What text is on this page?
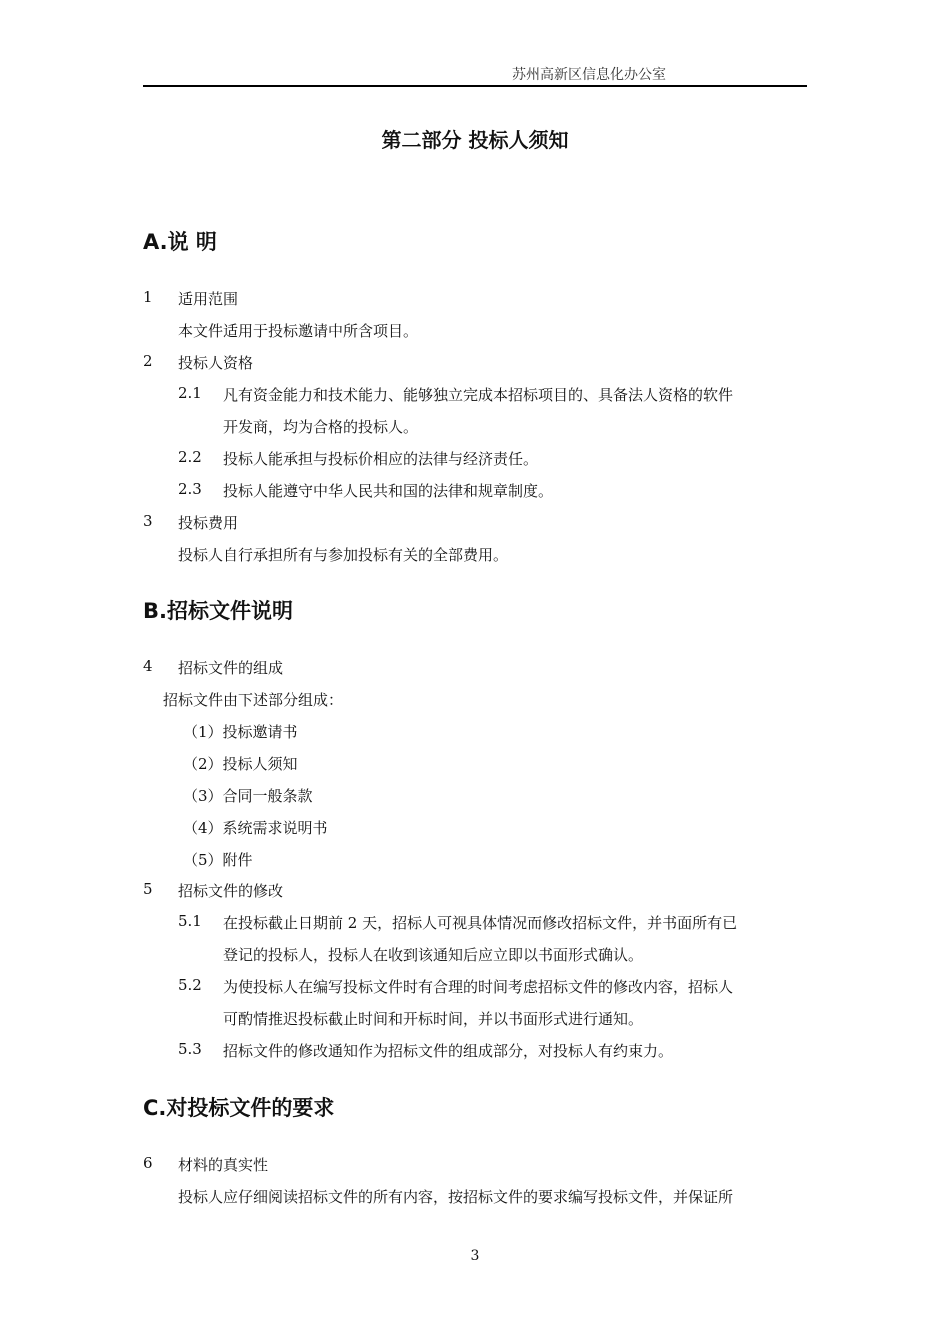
苏州高新区信息化办公室
第二部分 投标人须知
A.说 明
1 适用范围
本文件适用于投标邀请中所含项目。
2 投标人资格
2.1 凡有资金能力和技术能力、能够独立完成本招标项目的、具备法人资格的软件
开发商，均为合格的投标人。
2.2 投标人能承担与投标价相应的法律与经济责任。
2.3 投标人能遵守中华人民共和国的法律和规章制度。
3 投标费用
投标人自行承担所有与参加投标有关的全部费用。
B.招标文件说明
4 招标文件的组成
招标文件由下述部分组成：
（1）投标邀请书
（2）投标人须知
（3）合同一般条款
（4）系统需求说明书
（5）附件
5 招标文件的修改
5.1 在投标截止日期前 2 天，招标人可视具体情况而修改招标文件，并书面所有已
登记的投标人，投标人在收到该通知后应立即以书面形式确认。
5.2 为使投标人在编写投标文件时有合理的时间考虑招标文件的修改内容，招标人
可酌情推迟投标截止时间和开标时间，并以书面形式进行通知。
5.3 招标文件的修改通知作为招标文件的组成部分，对投标人有约束力。
C.对投标文件的要求
6 材料的真实性
投标人应仔细阅读招标文件的所有内容，按招标文件的要求编写投标文件，并保证所
3
